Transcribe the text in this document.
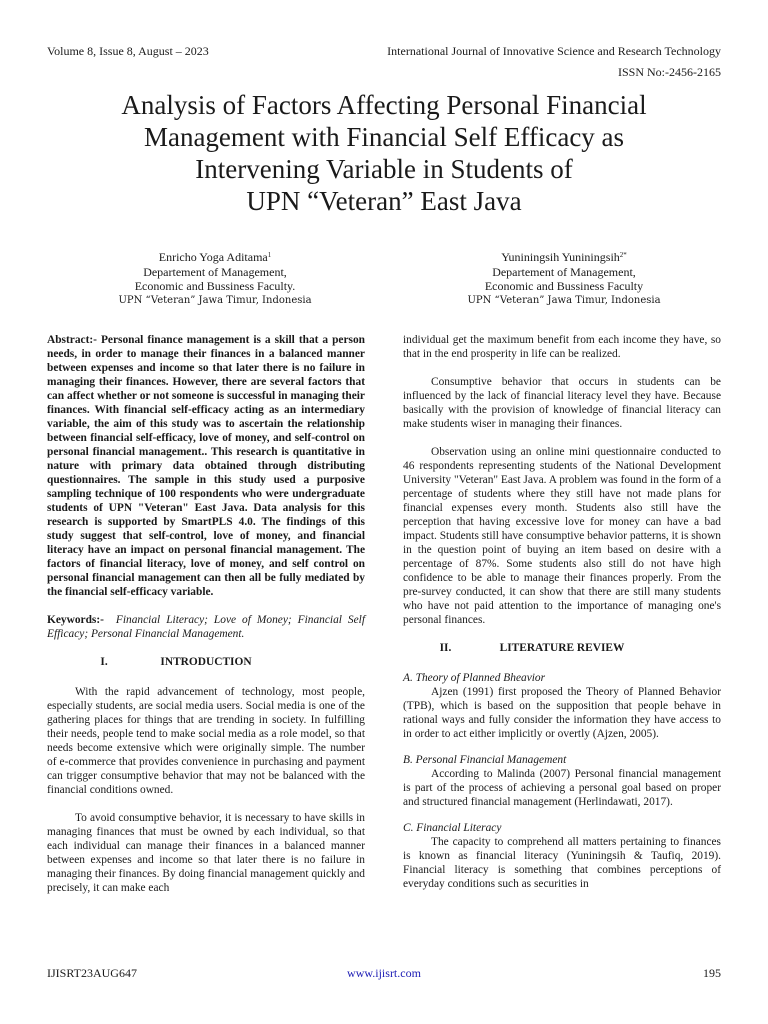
Volume 8, Issue 8, August – 2023	International Journal of Innovative Science and Research Technology
ISSN No:-2456-2165
Analysis of Factors Affecting Personal Financial
Management with Financial Self Efficacy as
Intervening Variable in Students of
UPN “Veteran” East Java
Enricho Yoga Aditama$^1$
Departement of Management,
Economic and Bussiness Faculty.
UPN “Veteran” Jawa Timur, Indonesia
Yuniningsih Yuniningsih$^{2*}$
Departement of Management,
Economic and Bussiness Faculty
UPN “Veteran” Jawa Timur, Indonesia

Abstract:- Personal finance management is a skill that a person needs, in order to manage their finances in a balanced manner between expenses and income so that later there is no failure in managing their finances. However, there are several factors that can affect whether or not someone is successful in managing their finances. With financial self-efficacy acting as an intermediary variable, the aim of this study was to ascertain the relationship between financial self-efficacy, love of money, and self-control on personal financial management.. This research is quantitative in nature with primary data obtained through distributing questionnaires. The sample in this study used a purposive sampling technique of 100 respondents who were undergraduate students of UPN "Veteran" East Java. Data analysis for this research is supported by SmartPLS 4.0. The findings of this study suggest that self-control, love of money, and financial literacy have an impact on personal financial management. The factors of financial literacy, love of money, and self control on personal financial management can then all be fully mediated by the financial self-efficacy variable.

Keywords:- Financial Literacy; Love of Money; Financial Self Efficacy; Personal Financial Management.

I.	INTRODUCTION

With the rapid advancement of technology, most people, especially students, are social media users. Social media is one of the gathering places for things that are trending in society. In fulfilling their needs, people tend to make social media as a role model, so that needs become extensive which were originally simple. The number of e-commerce that provides convenience in purchasing and payment can trigger consumptive behavior that may not be balanced with the financial conditions owned.

To avoid consumptive behavior, it is necessary to have skills in managing finances that must be owned by each individual, so that each individual can manage their finances in a balanced manner between expenses and income so that later there is no failure in managing their finances. By doing financial management quickly and precisely, it can make each

individual get the maximum benefit from each income they have, so that in the end prosperity in life can be realized.

Consumptive behavior that occurs in students can be influenced by the lack of financial literacy level they have. Because basically with the provision of knowledge of financial literacy can make students wiser in managing their finances.

Observation using an online mini questionnaire conducted to 46 respondents representing students of the National Development University "Veteran" East Java. A problem was found in the form of a percentage of students where they still have not made plans for financial expenses every month. Students also still have the perception that having excessive love for money can have a bad impact. Students still have consumptive behavior patterns, it is shown in the question point of buying an item based on desire with a percentage of 87%. Some students also still do not have high confidence to be able to manage their finances properly. From the pre-survey conducted, it can show that there are still many students who have not paid attention to the importance of managing one's personal finances.

II.	LITERATURE REVIEW

A. Theory of Planned Bheavior

Ajzen (1991) first proposed the Theory of Planned Behavior (TPB), which is based on the supposition that people behave in rational ways and fully consider the information they have access to in order to act either implicitly or overtly (Ajzen, 2005).

B. Personal Financial Management

According to Malinda (2007) Personal financial management is part of the process of achieving a personal goal based on proper and structured financial management (Herlindawati, 2017).

C. Financial Literacy

The capacity to comprehend all matters pertaining to finances is known as financial literacy (Yuniningsih & Taufiq, 2019). Financial literacy is something that combines perceptions of everyday conditions such as securities in

IJISRT23AUG647	www.ijisrt.com	195
